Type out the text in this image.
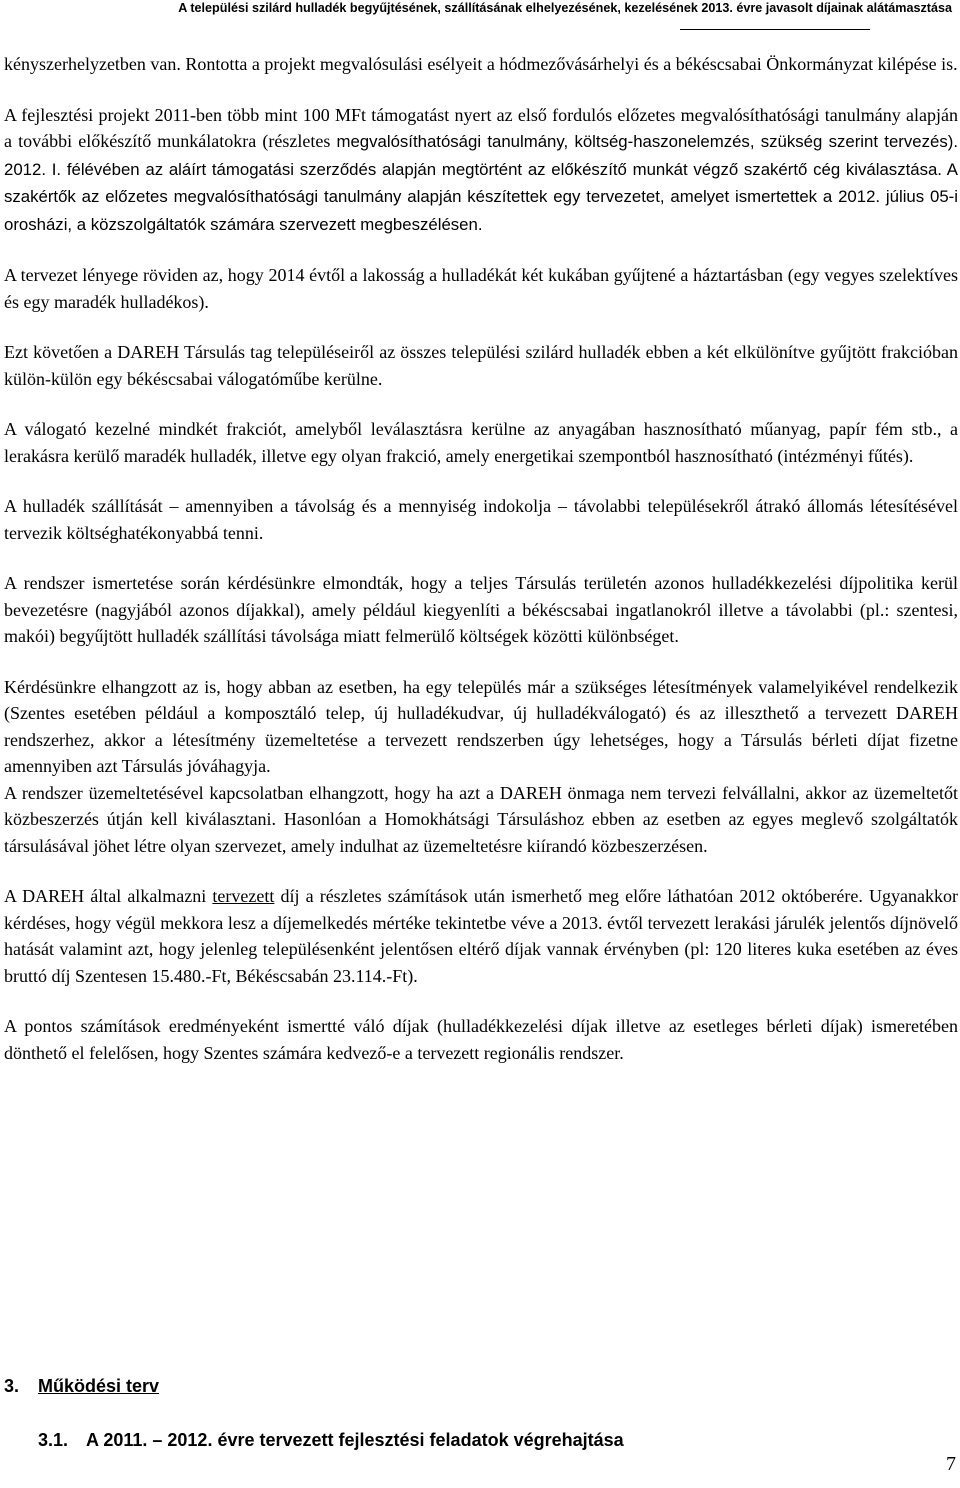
A települési szilárd hulladék begyűjtésének, szállításának elhelyezésének, kezelésének 2013. évre javasolt díjainak alátámasztása

kényszerhelyzetben van. Rontotta a projekt megvalósulási esélyeit a hódmezővásárhelyi és a békéscsabai Önkormányzat kilépése is.

A fejlesztési projekt 2011-ben több mint 100 MFt támogatást nyert az első fordulós előzetes megvalósíthatósági tanulmány alapján a további előkészítő munkálatokra (részletes megvalósíthatósági tanulmány, költség-haszonelemzés, szükség szerint tervezés). 2012. I. félévében az aláírt támogatási szerződés alapján megtörtént az előkészítő munkát végző szakértő cég kiválasztása. A szakértők az előzetes megvalósíthatósági tanulmány alapján készítettek egy tervezetet, amelyet ismertettek a 2012. július 05-i orosházi, a közszolgáltatók számára szervezett megbeszélésen.

A tervezet lényege röviden az, hogy 2014 évtől a lakosság a hulladékát két kukában gyűjtené a háztartásban (egy vegyes szelektíves és egy maradék hulladékos).

Ezt követően a DAREH Társulás tag településeiről az összes települési szilárd hulladék ebben a két elkülönítve gyűjtött frakcióban külön-külön egy békéscsabai válogatóműbe kerülne.

A válogató kezelné mindkét frakciót, amelyből leválasztásra kerülne az anyagában hasznosítható műanyag, papír fém stb., a lerakásra kerülő maradék hulladék, illetve egy olyan frakció, amely energetikai szempontból hasznosítható (intézményi fűtés).

A hulladék szállítását – amennyiben a távolság és a mennyiség indokolja – távolabbi településekről átrakó állomás létesítésével tervezik költséghatékonyabbá tenni.

A rendszer ismertetése során kérdésünkre elmondták, hogy a teljes Társulás területén azonos hulladékkezelési díjpolitika kerül bevezetésre (nagyjából azonos díjakkal), amely például kiegyenlíti a békéscsabai ingatlanokról illetve a távolabbi (pl.: szentesi, makói) begyűjtött hulladék szállítási távolsága miatt felmerülő költségek közötti különbséget.

Kérdésünkre elhangzott az is, hogy abban az esetben, ha egy település már a szükséges létesítmények valamelyikével rendelkezik (Szentes esetében például a komposztáló telep, új hulladékudvar, új hulladékválogató) és az illeszthető a tervezett DAREH rendszerhez, akkor a létesítmény üzemeltetése a tervezett rendszerben úgy lehetséges, hogy a Társulás bérleti díjat fizetne amennyiben azt Társulás jóváhagyja.

A rendszer üzemeltetésével kapcsolatban elhangzott, hogy ha azt a DAREH önmaga nem tervezi felvállalni, akkor az üzemeltetőt közbeszerzés útján kell kiválasztani. Hasonlóan a Homokhátsági Társuláshoz ebben az esetben az egyes meglevő szolgáltatók társulásával jöhet létre olyan szervezet, amely indulhat az üzemeltetésre kiírandó közbeszerzésen.

A DAREH által alkalmazni tervezett díj a részletes számítások után ismerhető meg előre láthatóan 2012 októberére. Ugyanakkor kérdéses, hogy végül mekkora lesz a díjemelkedés mértéke tekintetbe véve a 2013. évtől tervezett lerakási járulék jelentős díjnövelő hatását valamint azt, hogy jelenleg településenként jelentősen eltérő díjak vannak érvényben (pl: 120 literes kuka esetében az éves bruttó díj Szentesen 15.480.-Ft, Békéscsabán 23.114.-Ft).

A pontos számítások eredményeként ismertté váló díjak (hulladékkezelési díjak illetve az esetleges bérleti díjak) ismeretében dönthető el felelősen, hogy Szentes számára kedvező-e a tervezett regionális rendszer.

3. Működési terv
3.1. A 2011. – 2012. évre tervezett fejlesztési feladatok végrehajtása
7
